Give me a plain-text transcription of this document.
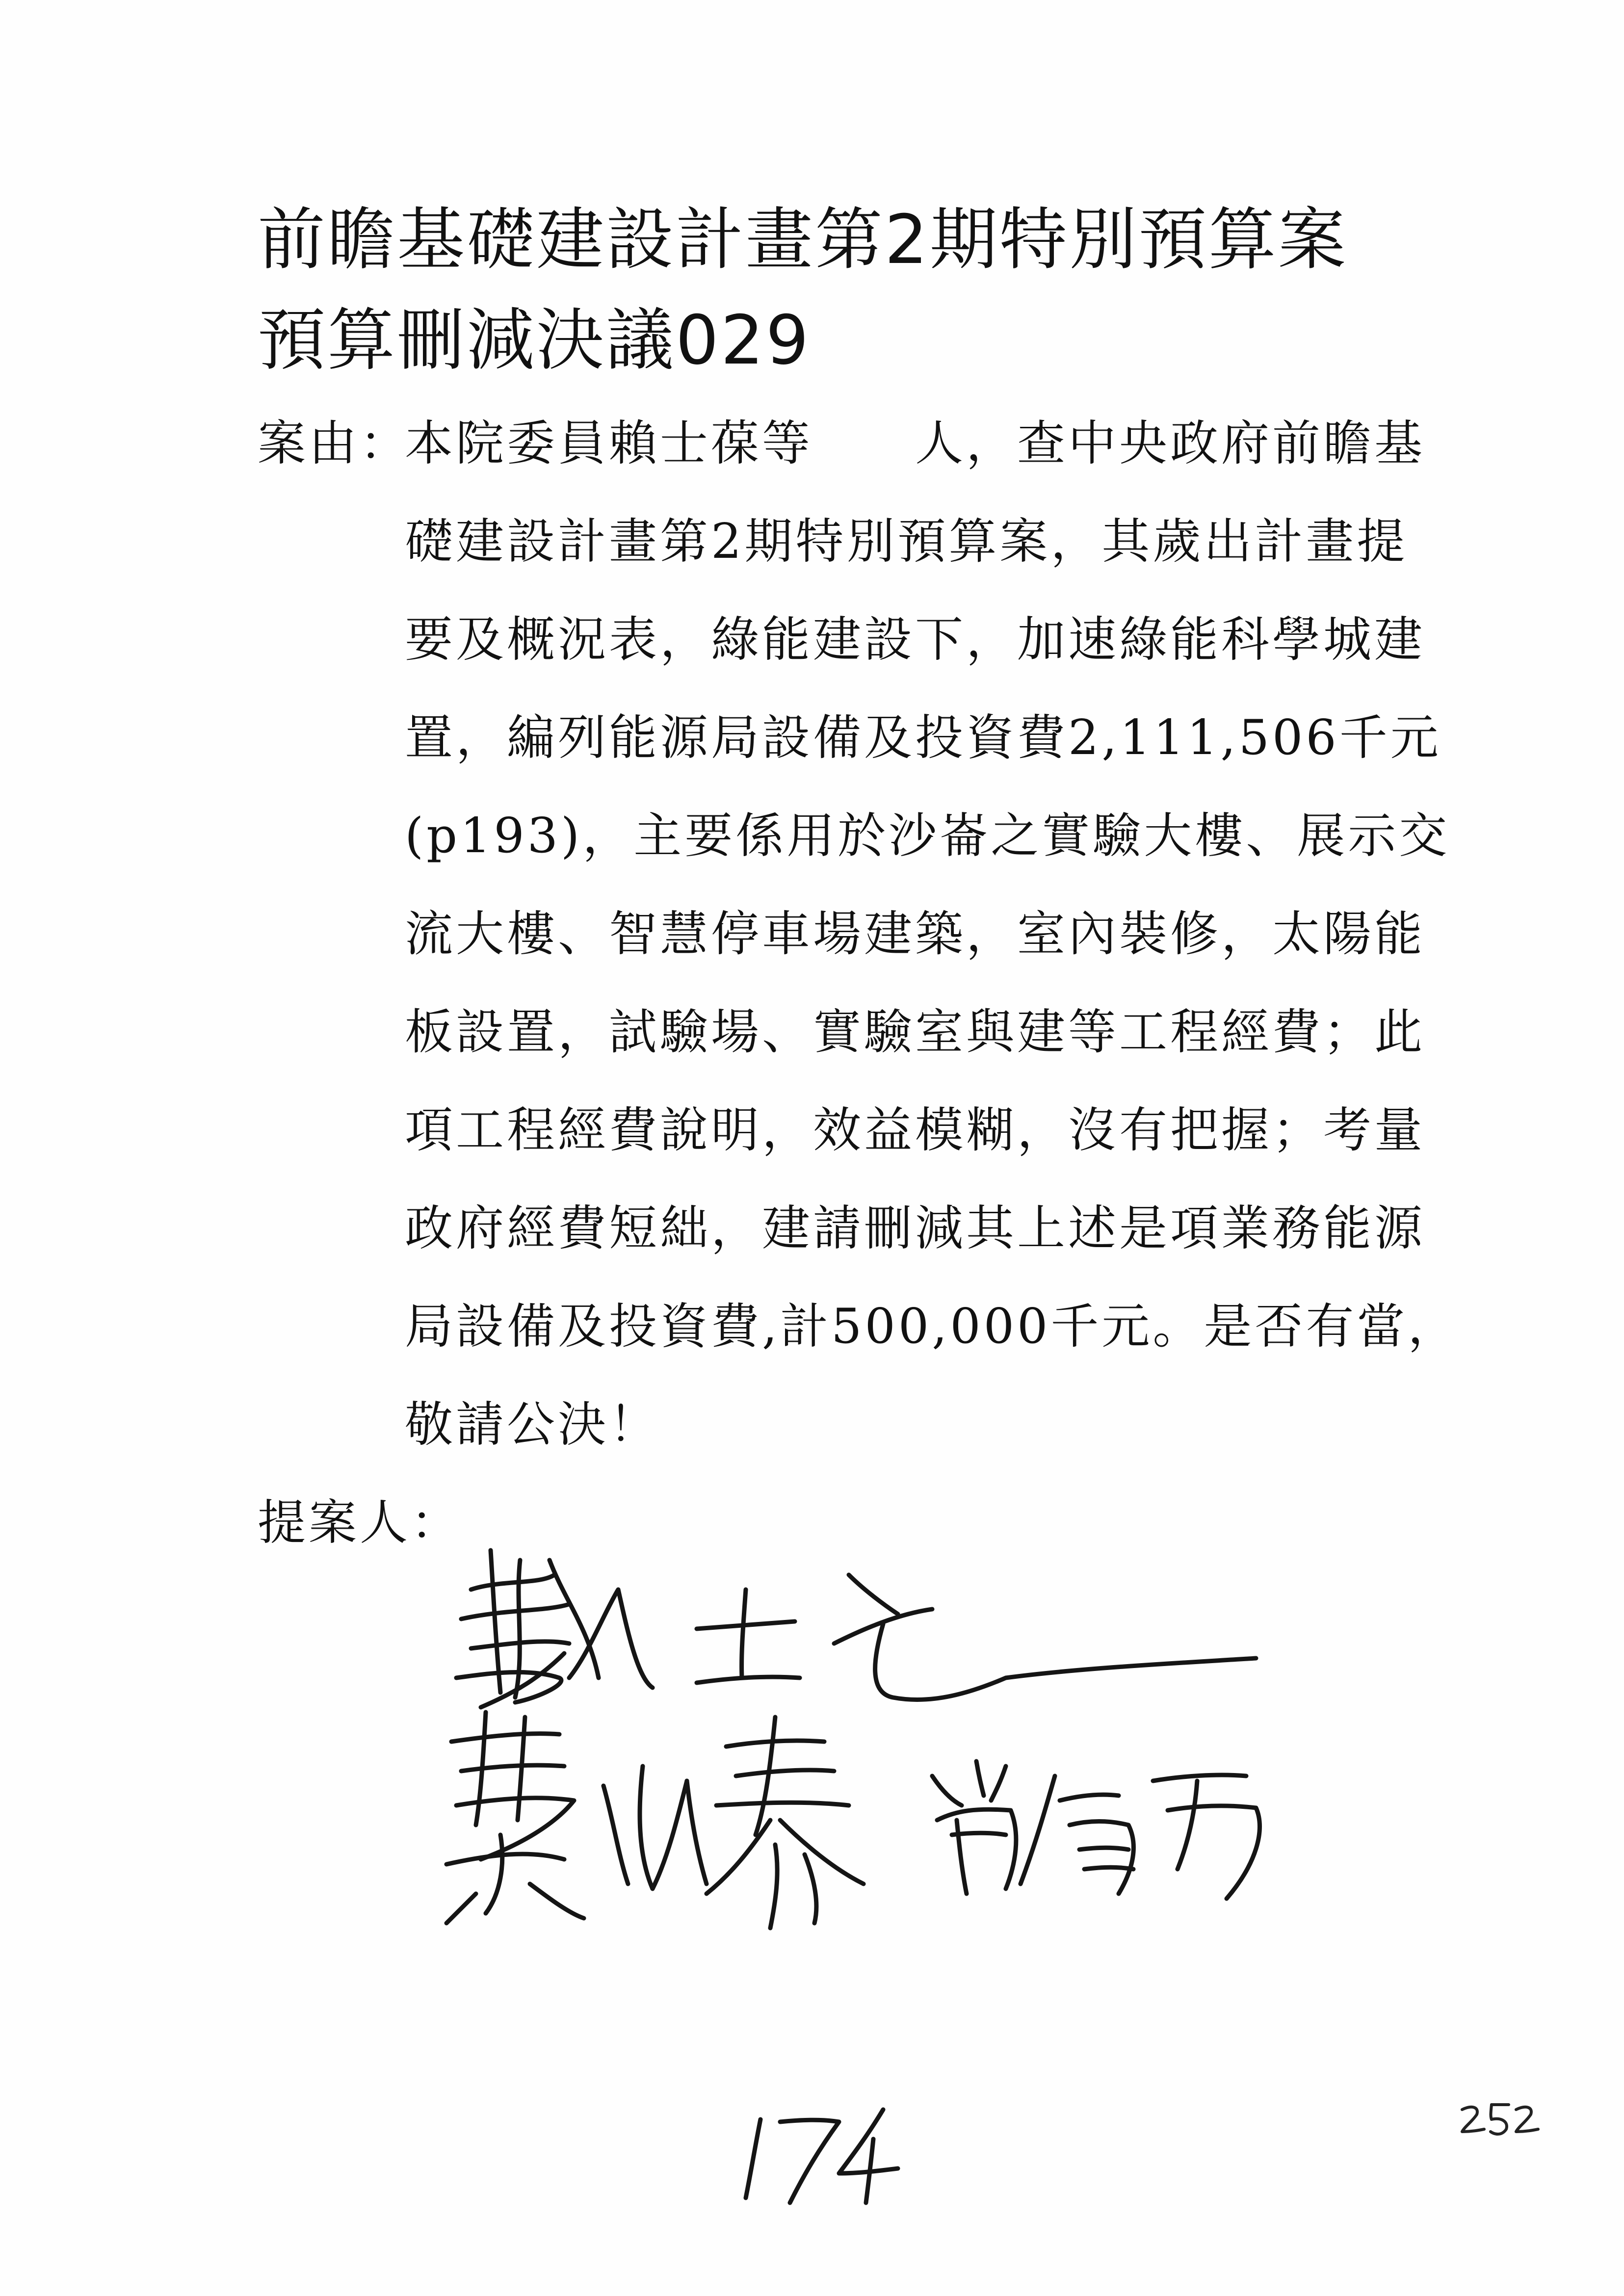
前瞻基礎建設計畫第2期特別預算案
預算刪減決議029
案由：
本院委員賴士葆等　　人，查中央政府前瞻基
礎建設計畫第2期特別預算案，其歲出計畫提
要及概況表，綠能建設下，加速綠能科學城建
置，編列能源局設備及投資費2,111,506千元
(p193)，主要係用於沙崙之實驗大樓、展示交
流大樓、智慧停車場建築，室內裝修，太陽能
板設置，試驗場、實驗室與建等工程經費；此
項工程經費說明，效益模糊，沒有把握；考量
政府經費短絀，建請刪減其上述是項業務能源
局設備及投資費,計500,000千元。是否有當，
敬請公決！
提案人：
